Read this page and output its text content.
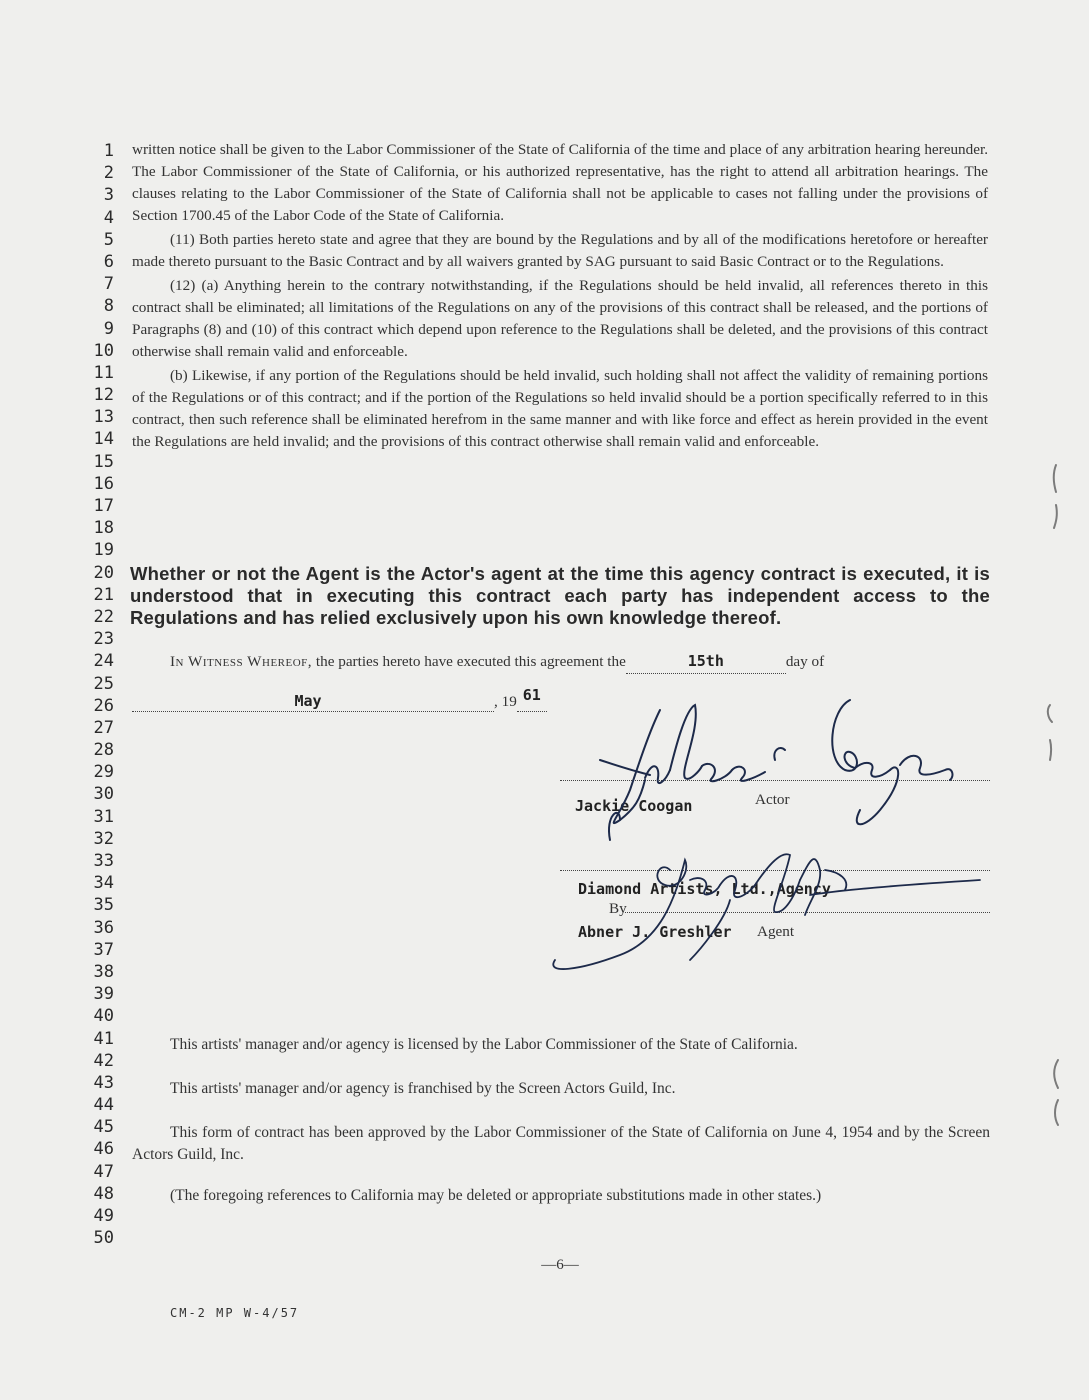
1
2
3
4
5
6
7
8
9
10
11
12
13
14
15
16
17
18
19
20
21
22
23
24
25
26
27
28
29
30
31
32
33
34
35
36
37
38
39
40
41
42
43
44
45
46
47
48
49
50

written notice shall be given to the Labor Commissioner of the State of California of the time and place of any arbitration hearing hereunder. The Labor Commissioner of the State of California, or his authorized representative, has the right to attend all arbitration hearings. The clauses relating to the Labor Commissioner of the State of California shall not be applicable to cases not falling under the provisions of Section 1700.45 of the Labor Code of the State of California.

(11) Both parties hereto state and agree that they are bound by the Regulations and by all of the modifications heretofore or hereafter made thereto pursuant to the Basic Contract and by all waivers granted by SAG pursuant to said Basic Contract or to the Regulations.

(12) (a) Anything herein to the contrary notwithstanding, if the Regulations should be held invalid, all references thereto in this contract shall be eliminated; all limitations of the Regulations on any of the provisions of this contract shall be released, and the portions of Paragraphs (8) and (10) of this contract which depend upon reference to the Regulations shall be deleted, and the provisions of this contract otherwise shall remain valid and enforceable.

(b) Likewise, if any portion of the Regulations should be held invalid, such holding shall not affect the validity of remaining portions of the Regulations or of this contract; and if the portion of the Regulations so held invalid should be a portion specifically referred to in this contract, then such reference shall be eliminated herefrom in the same manner and with like force and effect as herein provided in the event the Regulations are held invalid; and the provisions of this contract otherwise shall remain valid and enforceable.

Whether or not the Agent is the Actor's agent at the time this agency contract is executed, it is understood that in executing this contract each party has independent access to the Regulations and has relied exclusively upon his own knowledge thereof.
In Witness Whereof, the parties hereto have executed this agreement the	15th	day of
May	, 19 61
Jackie Coogan	Actor
Diamond Artists, Ltd.,Agency
By
Abner J. Greshler Agent
This artists' manager and/or agency is licensed by the Labor Commissioner of the State of California.
This artists' manager and/or agency is franchised by the Screen Actors Guild, Inc.
This form of contract has been approved by the Labor Commissioner of the State of California on June 4, 1954 and by the Screen Actors Guild, Inc.
(The foregoing references to California may be deleted or appropriate substitutions made in other states.)
—6—
CM-2 MP W-4/57
